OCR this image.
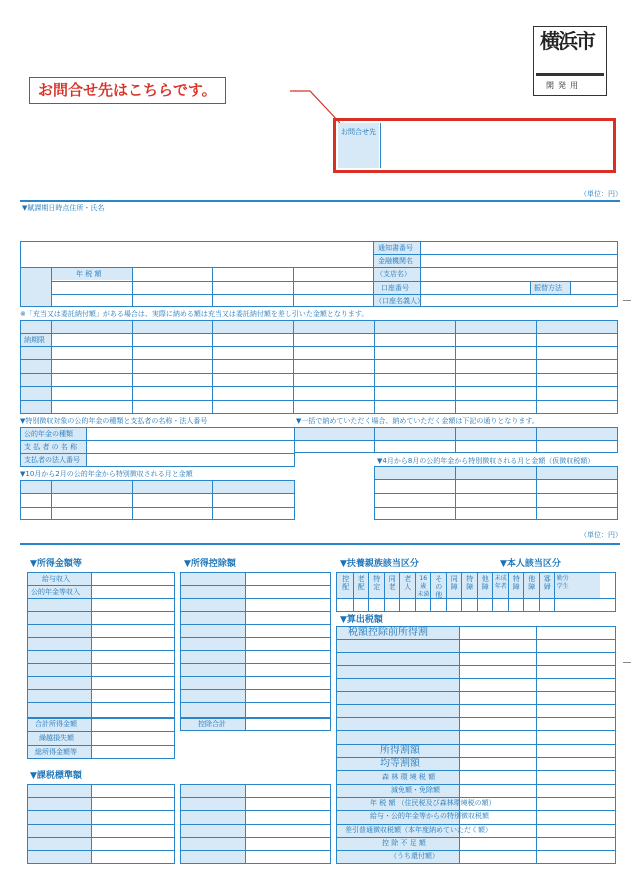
横浜市
開発用
お問合せ先はこちらです。
お問合せ先
（単位：円）
▼賦課期日時点住所・氏名
通知書番号
金融機関名
（支店名）
口座番号
（口座名義人）
振替方法
年 税 額
※「充当又は委託納付額」がある場合は、実際に納める額は充当又は委託納付額を差し引いた金額となります。
納期限
▼特別徴収対象の公的年金の種類と支払者の名称・法人番号	▼一括で納めていただく場合、納めていただく金額は下記の通りとなります。
公的年金の種類
支 払 者 の 名 称
支払者の法人番号
▼10月から2月の公的年金から特別徴収される月と金額
▼4月から8月の公的年金から特別徴収される月と金額（仮徴収税額）
（単位：円）
▼所得金額等
給与収入
公的年金等収入
合計所得金額
繰越損失額
総所得金額等
▼所得控除額
控除合計
▼扶養親族該当区分	▼本人該当区分
控
配
老
配
特
定
同
老
老
人
16歳
未満
そ
の
他
同
障
特
障
他
障
未成
年者
特
障
他
障
寡
婦
勤労
学生
▼算出税額
税額控除前所得割
所得割額
均等割額
森 林 環 境 税 額
減免額・免除額
年 税 額 （住民税及び森林環境税の額）
給与・公的年金等からの特別徴収税額
差引普通徴収税額（本年度納めていただく額）
控 除 不 足 額
（うち還付額）
▼課税標準額
